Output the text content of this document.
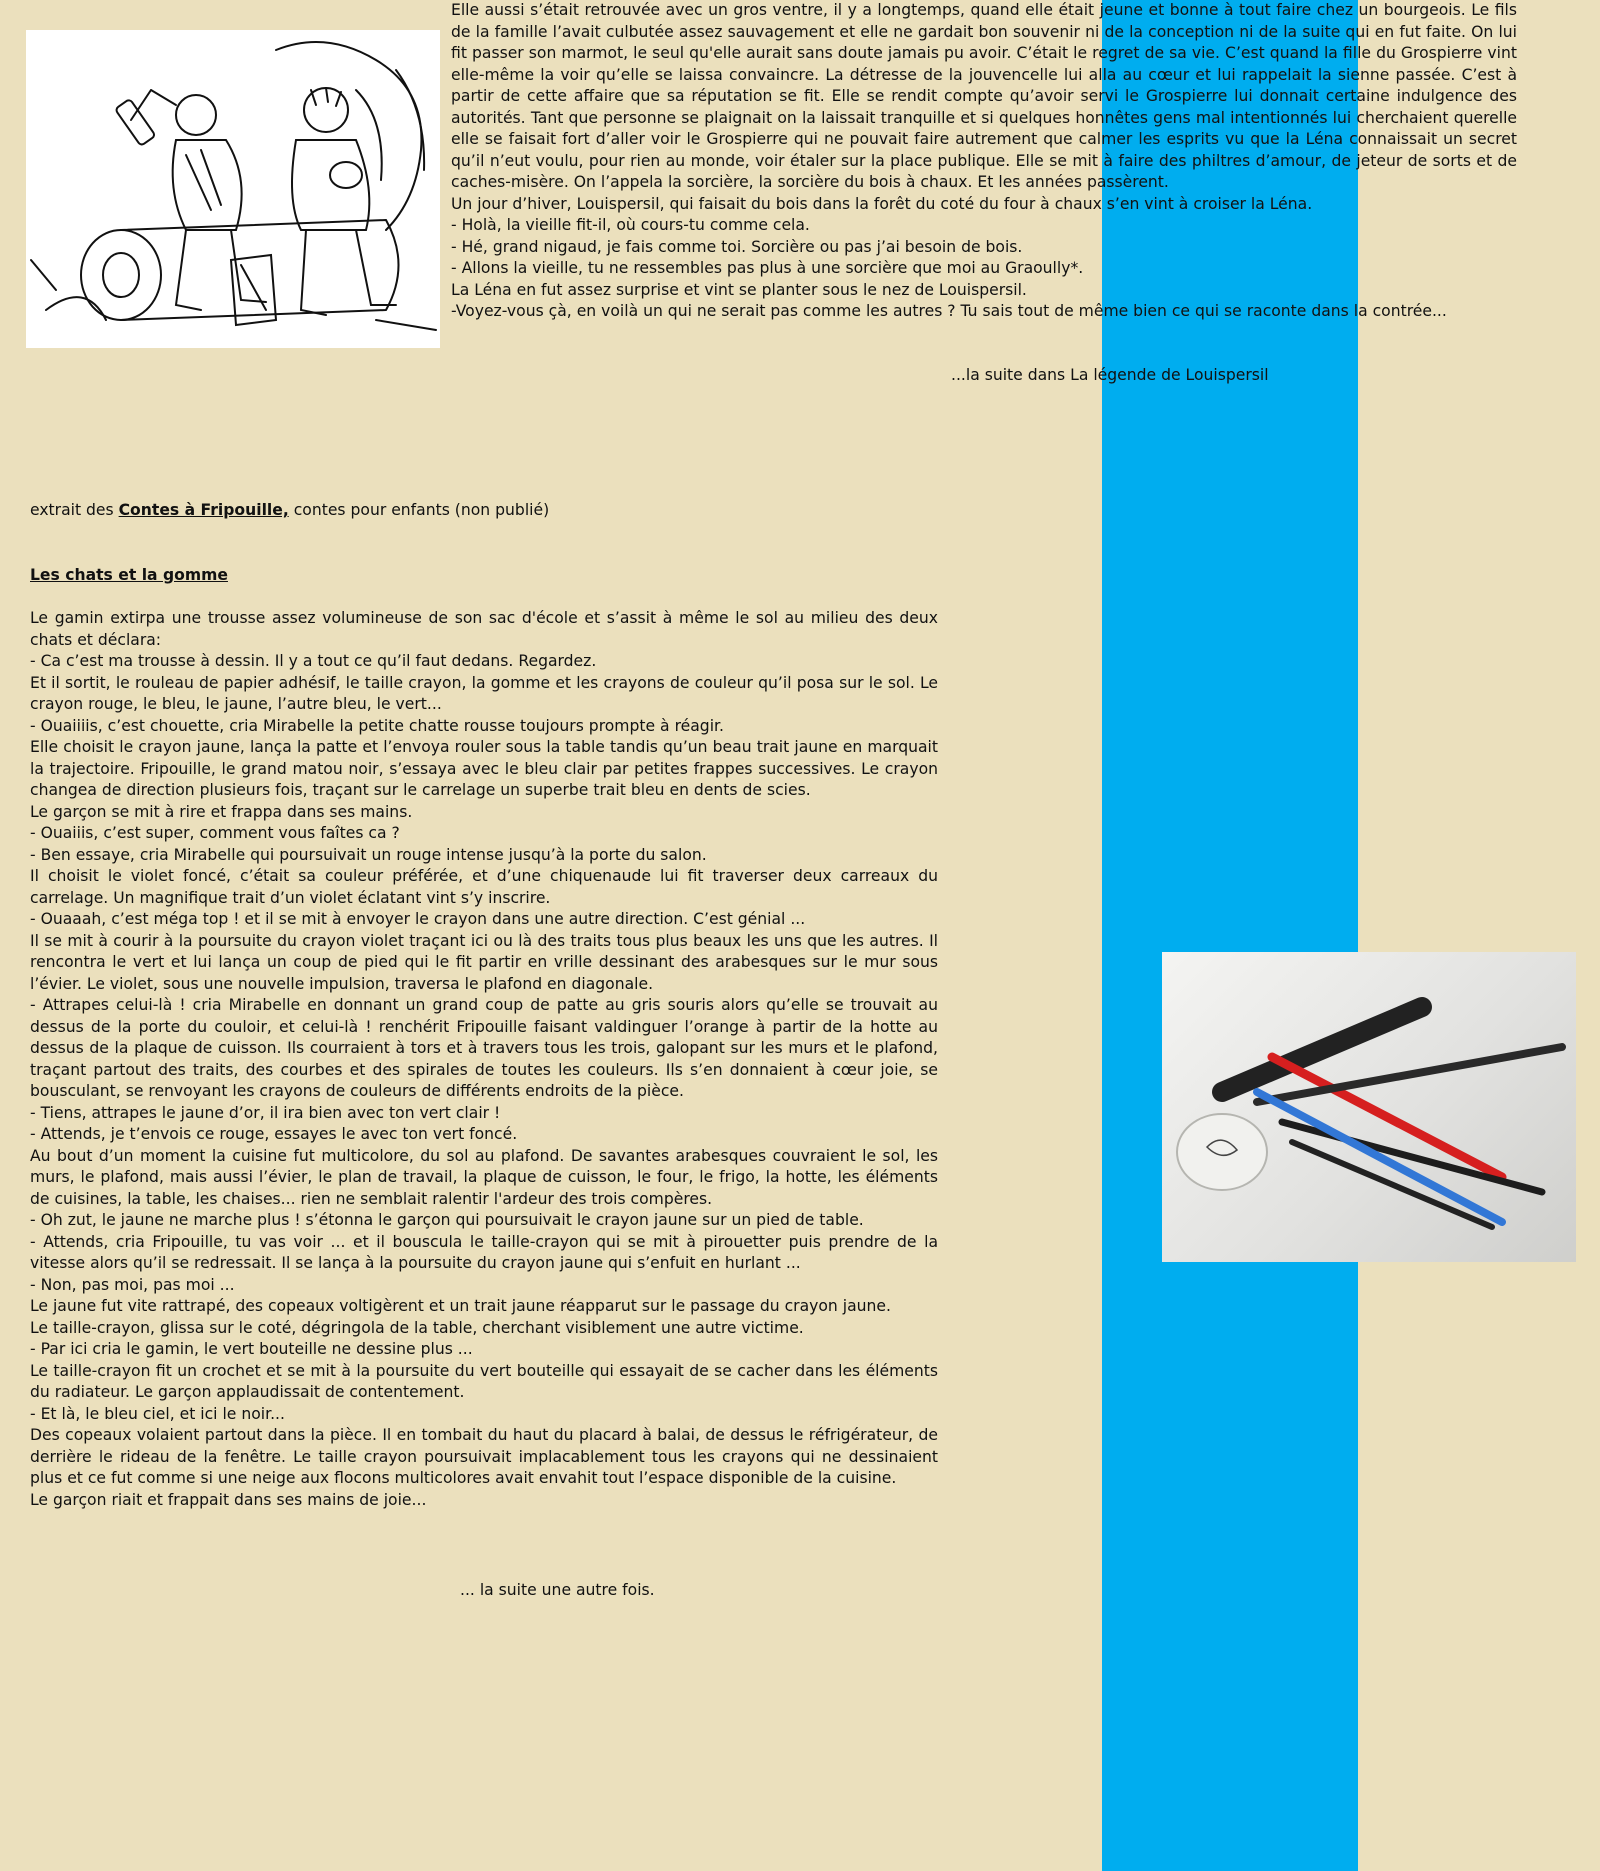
Elle aussi s’était retrouvée avec un gros ventre, il y a longtemps, quand elle était jeune et bonne à tout faire chez un bourgeois. Le fils de la famille l’avait culbutée assez sauvagement et elle ne gardait bon souvenir ni de la conception ni de la suite qui en fut faite. On lui fit passer son marmot, le seul qu'elle aurait sans doute jamais pu avoir. C’était le regret de sa vie. C’est quand la fille du Grospierre vint elle-même la voir qu’elle se laissa convaincre. La détresse de la jouvencelle lui alla au cœur et lui rappelait la sienne passée. C’est à partir de cette affaire que sa réputation se fit. Elle se rendit compte qu’avoir servi le Grospierre lui donnait certaine indulgence des autorités. Tant que personne se plaignait on la laissait tranquille et si quelques honnêtes gens mal intentionnés lui cherchaient querelle elle se faisait fort d’aller voir le Grospierre qui ne pouvait faire autrement que calmer les esprits vu que la Léna connaissait un secret qu’il n’eut voulu, pour rien au monde, voir étaler sur la place publique. Elle se mit à faire des philtres d’amour, de jeteur de sorts et de caches-misère. On l’appela la sorcière, la sorcière du bois à chaux. Et les années passèrent.

Un jour d’hiver, Louispersil, qui faisait du bois dans la forêt du coté du four à chaux s’en vint à croiser la Léna.

- Holà, la vieille fit-il, où cours-tu comme cela.

- Hé, grand nigaud, je fais comme toi. Sorcière ou pas j’ai besoin de bois.

- Allons la vieille, tu ne ressembles pas plus à une sorcière que moi au Graoully*.

La Léna en fut assez surprise et vint se planter sous le nez de Louispersil.

-Voyez-vous çà, en voilà un qui ne serait pas comme les autres ? Tu sais tout de même bien ce qui se raconte dans la contrée...

...la suite dans La légende de Louispersil
extrait des Contes à Fripouille, contes pour enfants (non publié)
Les chats et la gomme

Le gamin extirpa une trousse assez volumineuse de son sac d'école et s’assit à même le sol au milieu des deux chats et déclara:

- Ca c’est ma trousse à dessin. Il y a tout ce qu’il faut dedans. Regardez.

Et il sortit, le rouleau de papier adhésif, le taille crayon, la gomme et les crayons de couleur qu’il posa sur le sol. Le crayon rouge, le bleu, le jaune, l’autre bleu, le vert...

- Ouaiiiis, c’est chouette, cria Mirabelle la petite chatte rousse toujours prompte à réagir.

Elle choisit le crayon jaune, lança la patte et l’envoya rouler sous la table tandis qu’un beau trait jaune en marquait la trajectoire. Fripouille, le grand matou noir, s’essaya avec le bleu clair par petites frappes successives. Le crayon changea de direction plusieurs fois, traçant sur le carrelage un superbe trait bleu en dents de scies.

Le garçon se mit à rire et frappa dans ses mains.

- Ouaiiis, c’est super, comment vous faîtes ca ?

- Ben essaye, cria Mirabelle qui poursuivait un rouge intense jusqu’à la porte du salon.

Il choisit le violet foncé, c’était sa couleur préférée, et d’une chiquenaude lui fit traverser deux carreaux du carrelage. Un magnifique trait d’un violet éclatant vint s’y inscrire.

- Ouaaah, c’est méga top ! et il se mit à envoyer le crayon dans une autre direction. C’est génial ...

Il se mit à courir à la poursuite du crayon violet traçant ici ou là des traits tous plus beaux les uns que les autres. Il rencontra le vert et lui lança un coup de pied qui le fit partir en vrille dessinant des arabesques sur le mur sous l’évier. Le violet, sous une nouvelle impulsion, traversa le plafond en diagonale.

- Attrapes celui-là ! cria Mirabelle en donnant un grand coup de patte au gris souris alors qu’elle se trouvait au dessus de la porte du couloir, et celui-là ! renchérit Fripouille faisant valdinguer l’orange à partir de la hotte au dessus de la plaque de cuisson. Ils courraient à tors et à travers tous les trois, galopant sur les murs et le plafond, traçant partout des traits, des courbes et des spirales de toutes les couleurs. Ils s’en donnaient à cœur joie, se bousculant, se renvoyant les crayons de couleurs de différents endroits de la pièce.

- Tiens, attrapes le jaune d’or, il ira bien avec ton vert clair !

- Attends, je t’envois ce rouge, essayes le avec ton vert foncé.

Au bout d’un moment la cuisine fut multicolore, du sol au plafond. De savantes arabesques couvraient le sol, les murs, le plafond, mais aussi l’évier, le plan de travail, la plaque de cuisson, le four, le frigo, la hotte, les éléments de cuisines, la table, les chaises... rien ne semblait ralentir l'ardeur des trois compères.

- Oh zut, le jaune ne marche plus ! s’étonna le garçon qui poursuivait le crayon jaune sur un pied de table.

- Attends, cria Fripouille, tu vas voir ... et il bouscula le taille-crayon qui se mit à pirouetter puis prendre de la vitesse alors qu’il se redressait. Il se lança à la poursuite du crayon jaune qui s’enfuit en hurlant ...

- Non, pas moi, pas moi ...

Le jaune fut vite rattrapé, des copeaux voltigèrent et un trait jaune réapparut sur le passage du crayon jaune.

Le taille-crayon, glissa sur le coté, dégringola de la table, cherchant visiblement une autre victime.

- Par ici cria le gamin, le vert bouteille ne dessine plus ...

Le taille-crayon fit un crochet et se mit à la poursuite du vert bouteille qui essayait de se cacher dans les éléments du radiateur. Le garçon applaudissait de contentement.

- Et là, le bleu ciel, et ici le noir...

Des copeaux volaient partout dans la pièce. Il en tombait du haut du placard à balai, de dessus le réfrigérateur, de derrière le rideau de la fenêtre. Le taille crayon poursuivait implacablement tous les crayons qui ne dessinaient plus et ce fut comme si une neige aux flocons multicolores avait envahit tout l’espace disponible de la cuisine.

Le garçon riait et frappait dans ses mains de joie...

... la suite une autre fois.
